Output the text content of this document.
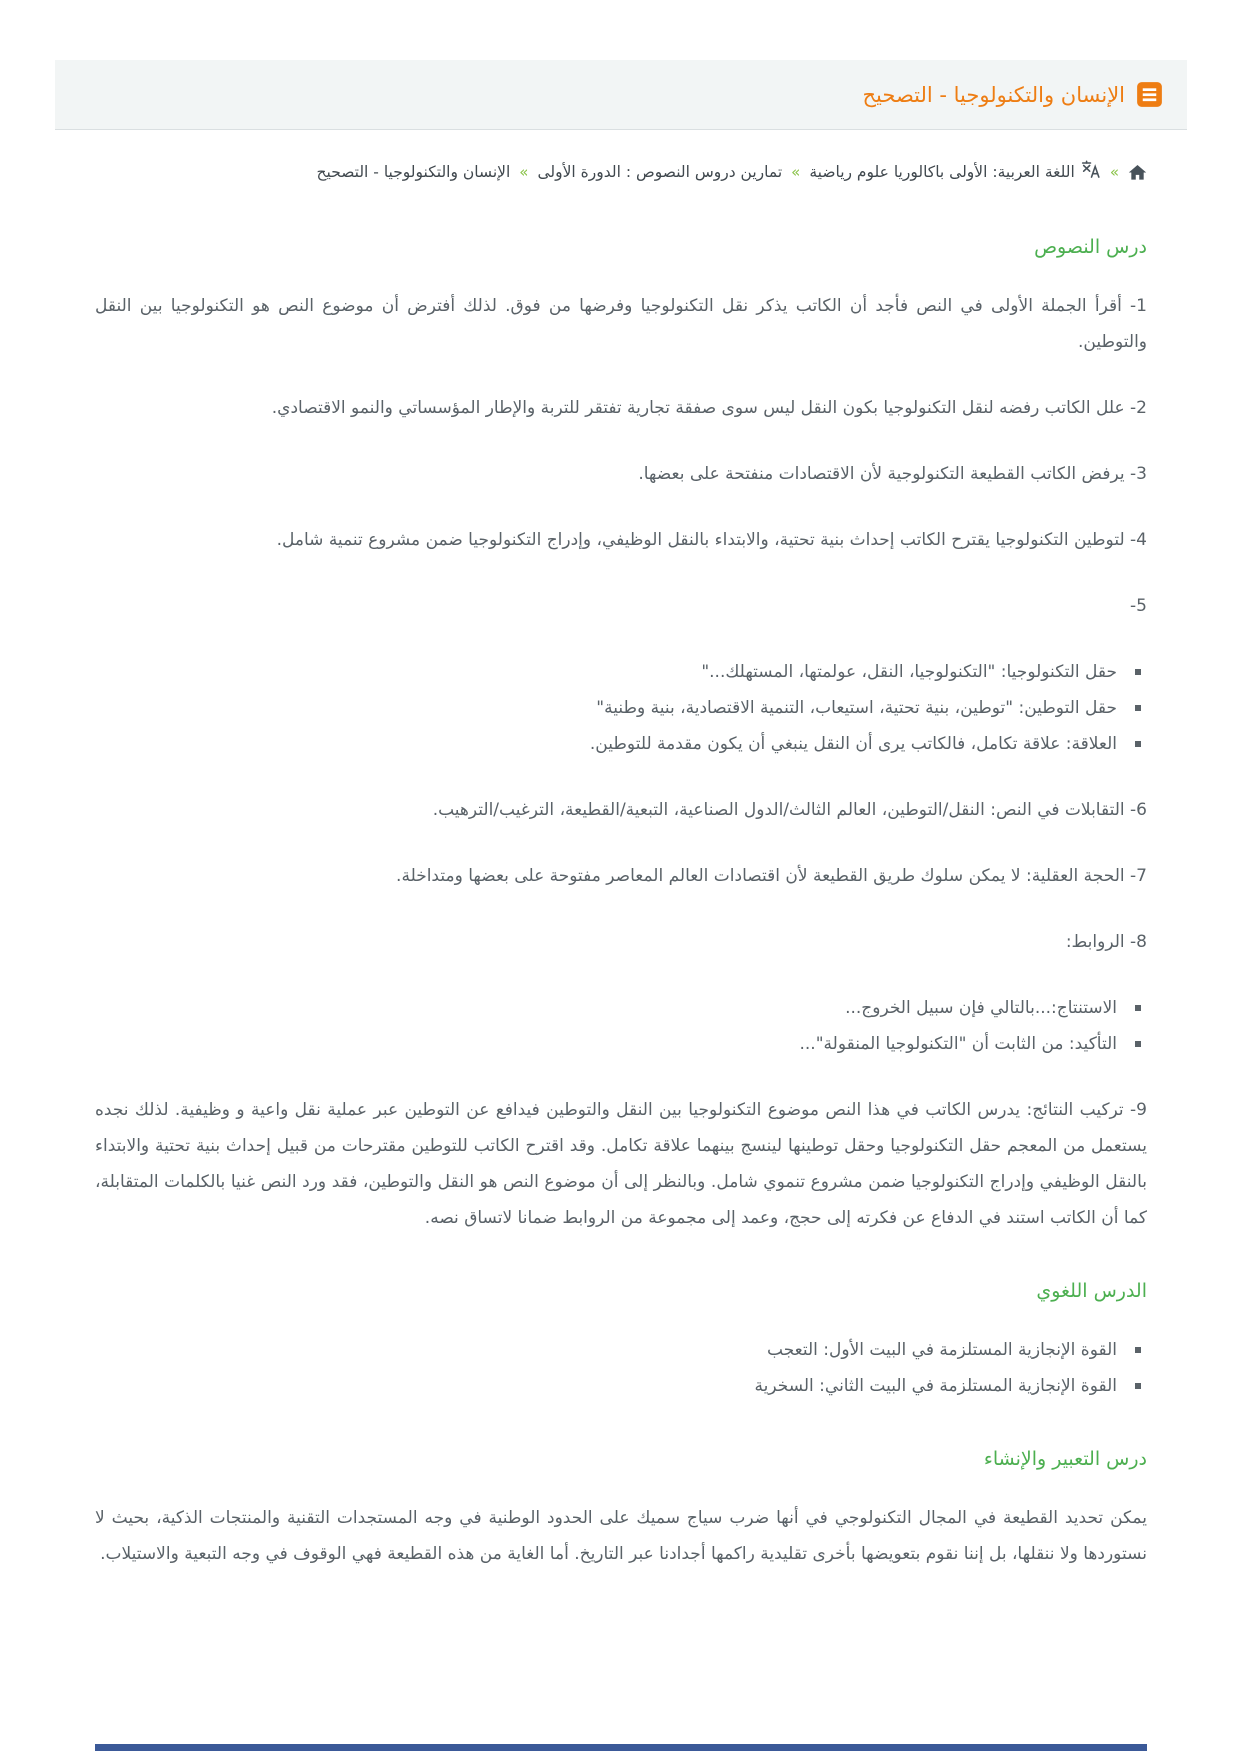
الإنسان والتكنولوجيا - التصحيح
»
اللغة العربية: الأولى باكالوريا علوم رياضية
»
تمارين دروس النصوص : الدورة الأولى
»
الإنسان والتكنولوجيا - التصحيح
درس النصوص

1- أقرأ الجملة الأولى في النص فأجد أن الكاتب يذكر نقل التكنولوجيا وفرضها من فوق. لذلك أفترض أن موضوع النص هو التكنولوجيا بين النقل والتوطين.

2- علل الكاتب رفضه لنقل التكنولوجيا بكون النقل ليس سوى صفقة تجارية تفتقر للتربة والإطار المؤسساتي والنمو الاقتصادي.

3- يرفض الكاتب القطيعة التكنولوجية لأن الاقتصادات منفتحة على بعضها.

4- لتوطين التكنولوجيا يقترح الكاتب إحداث بنية تحتية، والابتداء بالنقل الوظيفي، وإدراج التكنولوجيا ضمن مشروع تنمية شامل.

5-

حقل التكنولوجيا: "التكنولوجيا، النقل، عولمتها، المستهلك..."
حقل التوطين: "توطين، بنية تحتية، استيعاب، التنمية الاقتصادية، بنية وطنية"
العلاقة: علاقة تكامل، فالكاتب يرى أن النقل ينبغي أن يكون مقدمة للتوطين.

6- التقابلات في النص: النقل/التوطين، العالم الثالث/الدول الصناعية، التبعية/القطيعة، الترغيب/الترهيب.

7- الحجة العقلية: لا يمكن سلوك طريق القطيعة لأن اقتصادات العالم المعاصر مفتوحة على بعضها ومتداخلة.

8- الروابط:

الاستنتاج:...بالتالي فإن سبيل الخروج...
التأكيد: من الثابت أن "التكنولوجيا المنقولة"...

9- تركيب النتائج: يدرس الكاتب في هذا النص موضوع التكنولوجيا بين النقل والتوطين فيدافع عن التوطين عبر عملية نقل واعية و وظيفية. لذلك نجده يستعمل من المعجم حقل التكنولوجيا وحقل توطينها لينسج بينهما علاقة تكامل. وقد اقترح الكاتب للتوطين مقترحات من قبيل إحداث بنية تحتية والابتداء بالنقل الوظيفي وإدراج التكنولوجيا ضمن مشروع تنموي شامل. وبالنظر إلى أن موضوع النص هو النقل والتوطين، فقد ورد النص غنيا بالكلمات المتقابلة، كما أن الكاتب استند في الدفاع عن فكرته إلى حجج، وعمد إلى مجموعة من الروابط ضمانا لاتساق نصه.

الدرس اللغوي
القوة الإنجازية المستلزمة في البيت الأول: التعجب
القوة الإنجازية المستلزمة في البيت الثاني: السخرية
درس التعبير والإنشاء

يمكن تحديد القطيعة في المجال التكنولوجي في أنها ضرب سياج سميك على الحدود الوطنية في وجه المستجدات التقنية والمنتجات الذكية، بحيث لا نستوردها ولا ننقلها، بل إننا نقوم بتعويضها بأخرى تقليدية راكمها أجدادنا عبر التاريخ. أما الغاية من هذه القطيعة فهي الوقوف في وجه التبعية والاستيلاب.
